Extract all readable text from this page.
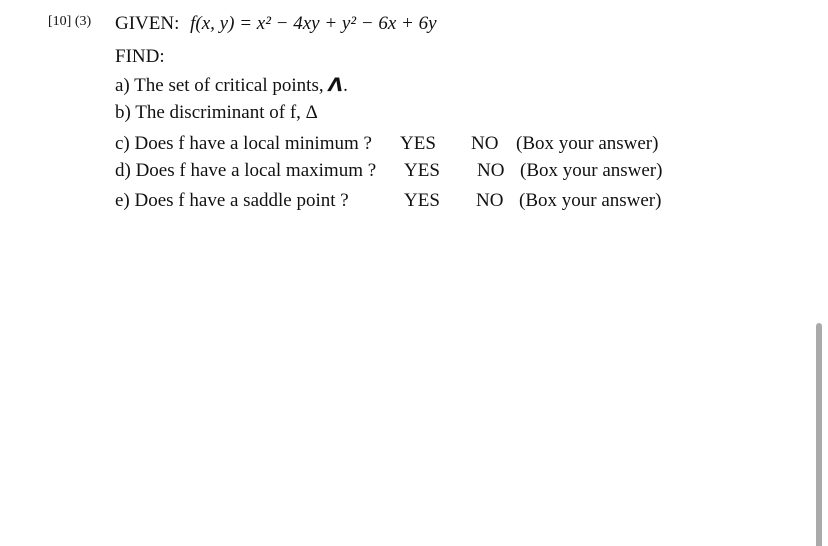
[10] (3) GIVEN: f(x, y) = x² − 4xy + y² − 6x + 6y
FIND:
a) The set of critical points, Λ.
b) The discriminant of f, Δ
c) Does f have a local minimum ? YES NO (Box your answer)
d) Does f have a local maximum ? YES NO (Box your answer)
e) Does f have a saddle point ?	YES NO (Box your answer)
